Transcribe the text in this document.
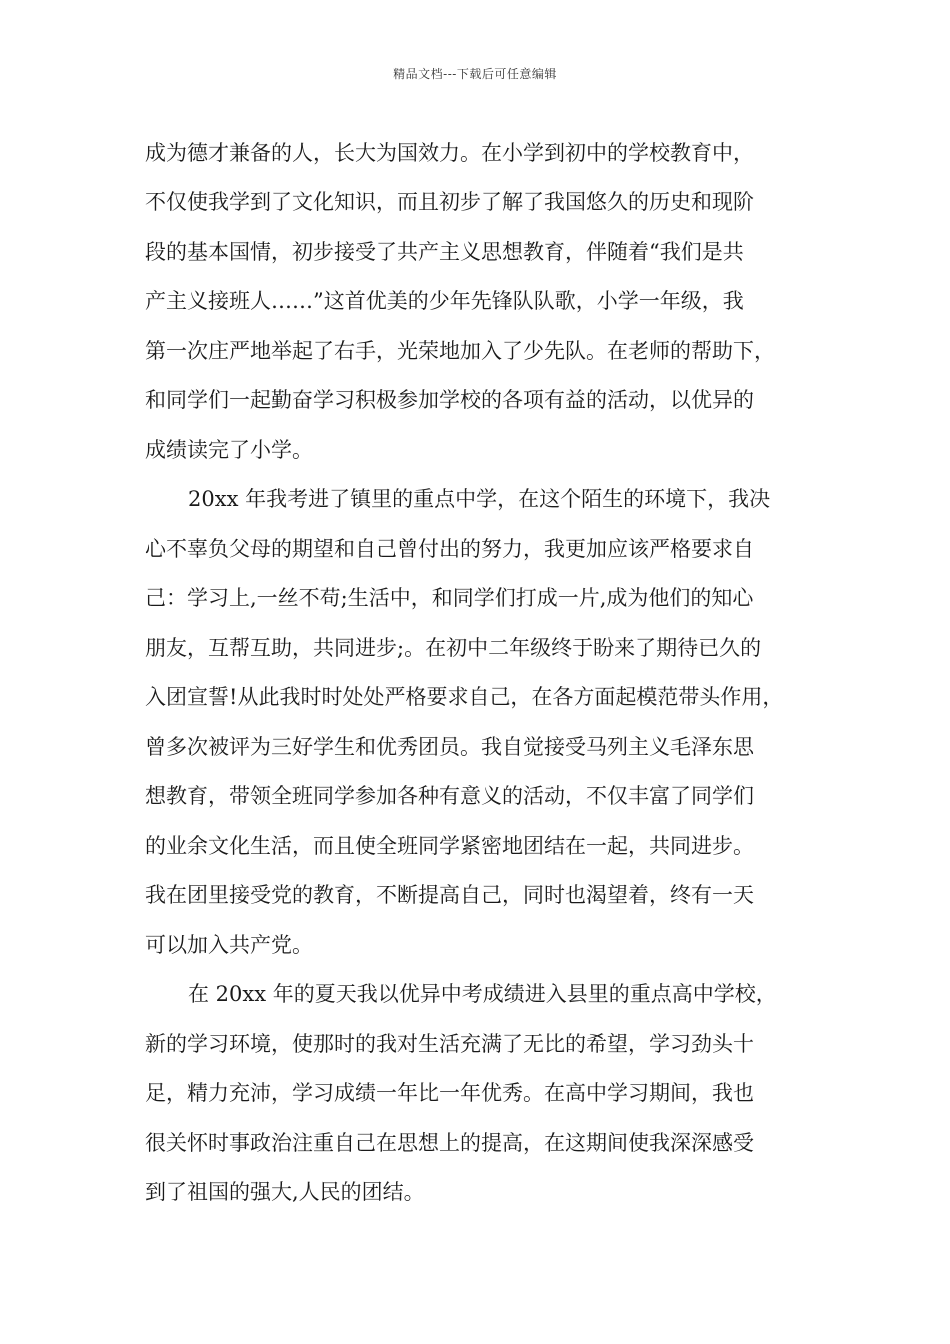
精品文档---下载后可任意编辑
成为德才兼备的人，长大为国效力。在小学到初中的学校教育中，
不仅使我学到了文化知识，而且初步了解了我国悠久的历史和现阶
段的基本国情，初步接受了共产主义思想教育，伴随着“我们是共
产主义接班人……”这首优美的少年先锋队队歌，小学一年级，我
第一次庄严地举起了右手，光荣地加入了少先队。在老师的帮助下，
和同学们一起勤奋学习积极参加学校的各项有益的活动，以优异的
成绩读完了小学。
20xx 年我考进了镇里的重点中学，在这个陌生的环境下，我决
心不辜负父母的期望和自己曾付出的努力，我更加应该严格要求自
己：学习上,一丝不苟;生活中，和同学们打成一片,成为他们的知心
朋友，互帮互助，共同进步;。在初中二年级终于盼来了期待已久的
入团宣誓!从此我时时处处严格要求自己，在各方面起模范带头作用，
曾多次被评为三好学生和优秀团员。我自觉接受马列主义毛泽东思
想教育，带领全班同学参加各种有意义的活动，不仅丰富了同学们
的业余文化生活，而且使全班同学紧密地团结在一起，共同进步。
我在团里接受党的教育，不断提高自己，同时也渴望着，终有一天
可以加入共产党。
在 20xx 年的夏天我以优异中考成绩进入县里的重点高中学校，
新的学习环境，使那时的我对生活充满了无比的希望，学习劲头十
足，精力充沛，学习成绩一年比一年优秀。在高中学习期间，我也
很关怀时事政治注重自己在思想上的提高，在这期间使我深深感受
到了祖国的强大,人民的团结。
